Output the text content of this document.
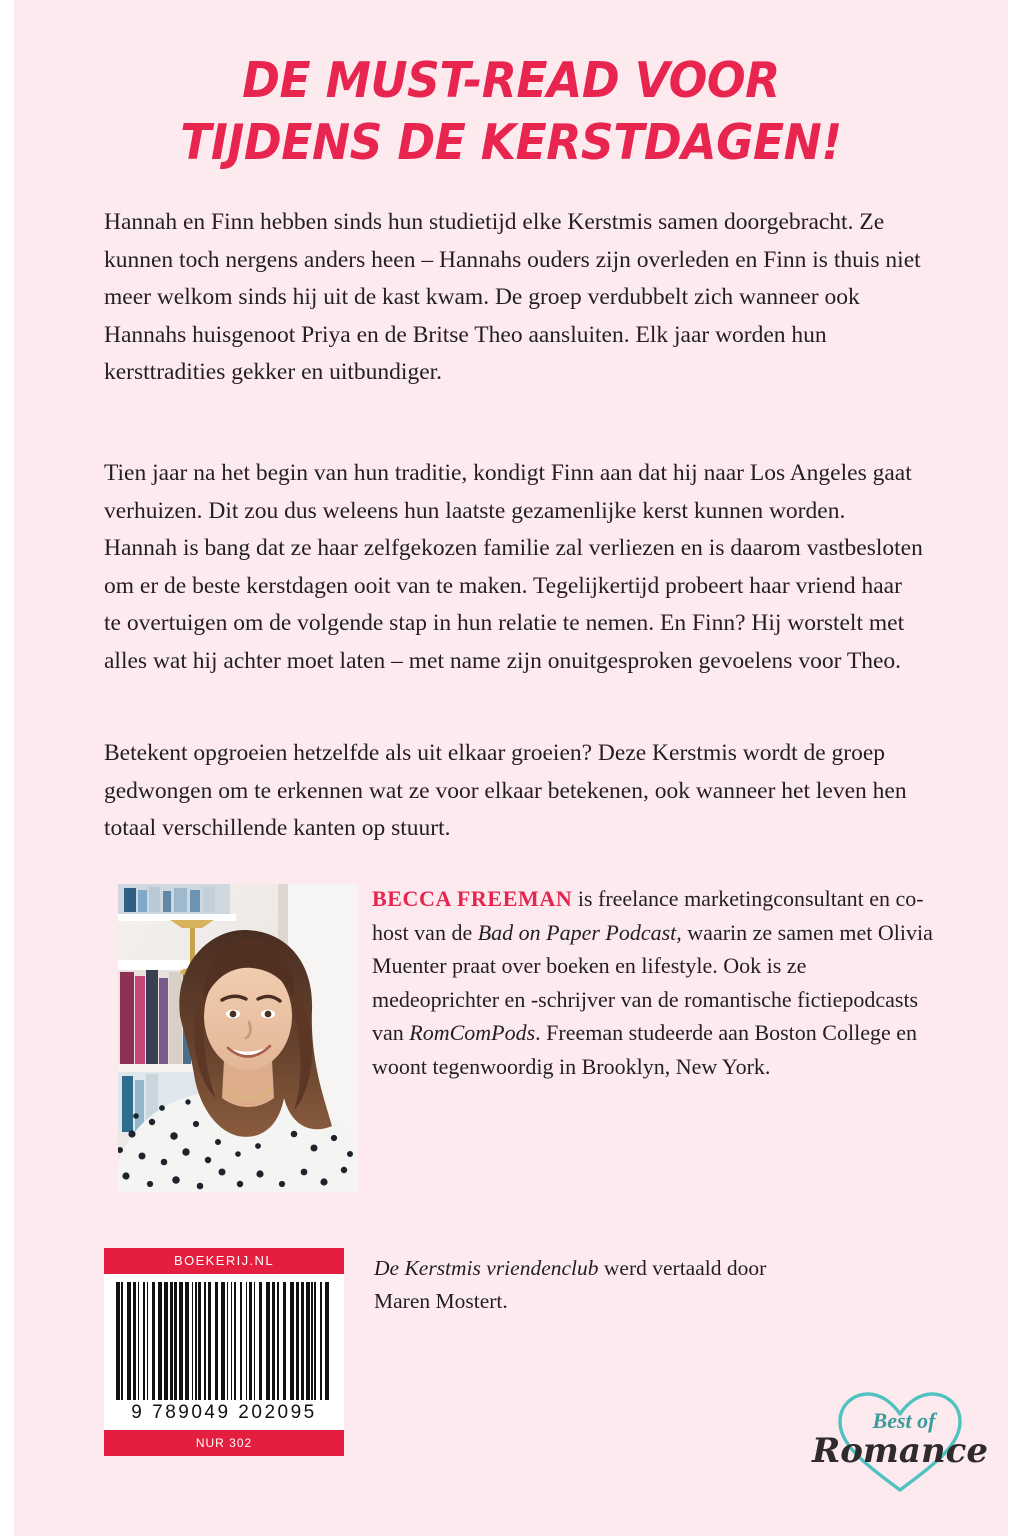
DE MUST-READ VOOR
TIJDENS DE KERSTDAGEN!

Hannah en Finn hebben sinds hun studietijd elke Kerstmis samen doorgebracht. Ze kunnen toch nergens anders heen – Hannahs ouders zijn overleden en Finn is thuis niet meer welkom sinds hij uit de kast kwam. De groep verdubbelt zich wanneer ook Hannahs huisgenoot Priya en de Britse Theo aansluiten. Elk jaar worden hun kersttradities gekker en uitbundiger.

Tien jaar na het begin van hun traditie, kondigt Finn aan dat hij naar Los Angeles gaat verhuizen. Dit zou dus weleens hun laatste gezamenlijke kerst kunnen worden. Hannah is bang dat ze haar zelfgekozen familie zal verliezen en is daarom vastbesloten om er de beste kerstdagen ooit van te maken. Tegelijkertijd probeert haar vriend haar te overtuigen om de volgende stap in hun relatie te nemen. En Finn? Hij worstelt met alles wat hij achter moet laten – met name zijn onuitgesproken gevoelens voor Theo.

Betekent opgroeien hetzelfde als uit elkaar groeien? Deze Kerstmis wordt de groep gedwongen om te erkennen wat ze voor elkaar betekenen, ook wanneer het leven hen totaal verschillende kanten op stuurt.

BECCA FREEMAN is freelance marketingconsultant en co-host van de Bad on Paper Podcast, waarin ze samen met Olivia Muenter praat over boeken en lifestyle. Ook is ze medeoprichter en -schrijver van de romantische fictiepodcasts van RomComPods. Freeman studeerde aan Boston College en woont tegenwoordig in Brooklyn, New York.
BOEKERIJ.NL
9 789049 202095
NUR 302

De Kerstmis vriendenclub werd vertaald door Maren Mostert.

Best of
Romance
